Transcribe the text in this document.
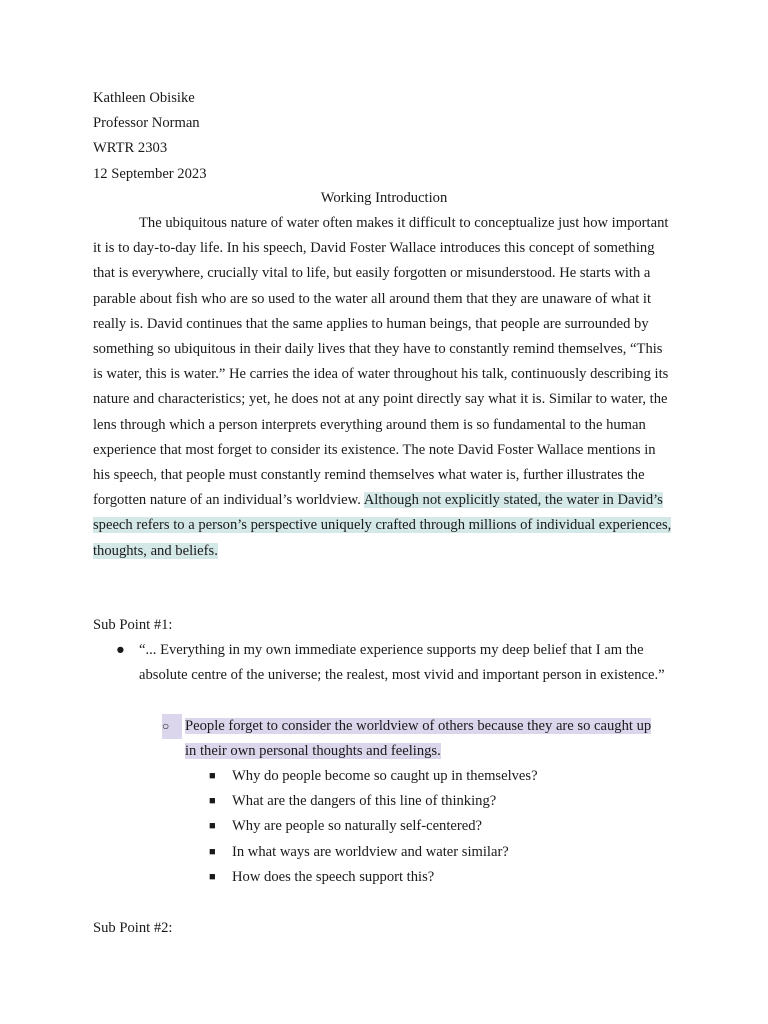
Kathleen Obisike
Professor Norman
WRTR 2303
12 September 2023
Working Introduction
The ubiquitous nature of water often makes it difficult to conceptualize just how important it is to day-to-day life. In his speech, David Foster Wallace introduces this concept of something that is everywhere, crucially vital to life, but easily forgotten or misunderstood. He starts with a parable about fish who are so used to the water all around them that they are unaware of what it really is. David continues that the same applies to human beings, that people are surrounded by something so ubiquitous in their daily lives that they have to constantly remind themselves, “This is water, this is water.” He carries the idea of water throughout his talk, continuously describing its nature and characteristics; yet, he does not at any point directly say what it is. Similar to water, the lens through which a person interprets everything around them is so fundamental to the human experience that most forget to consider its existence. The note David Foster Wallace mentions in his speech, that people must constantly remind themselves what water is, further illustrates the forgotten nature of an individual’s worldview. Although not explicitly stated, the water in David’s speech refers to a person’s perspective uniquely crafted through millions of individual experiences, thoughts, and beliefs.
Sub Point #1:
● “... Everything in my own immediate experience supports my deep belief that I am the absolute centre of the universe; the realest, most vivid and important person in existence.”
○	People forget to consider the worldview of others because they are so caught up in their own personal thoughts and feelings.
■	Why do people become so caught up in themselves?
■	What are the dangers of this line of thinking?
■	Why are people so naturally self-centered?
■	In what ways are worldview and water similar?
■	How does the speech support this?
Sub Point #2:
